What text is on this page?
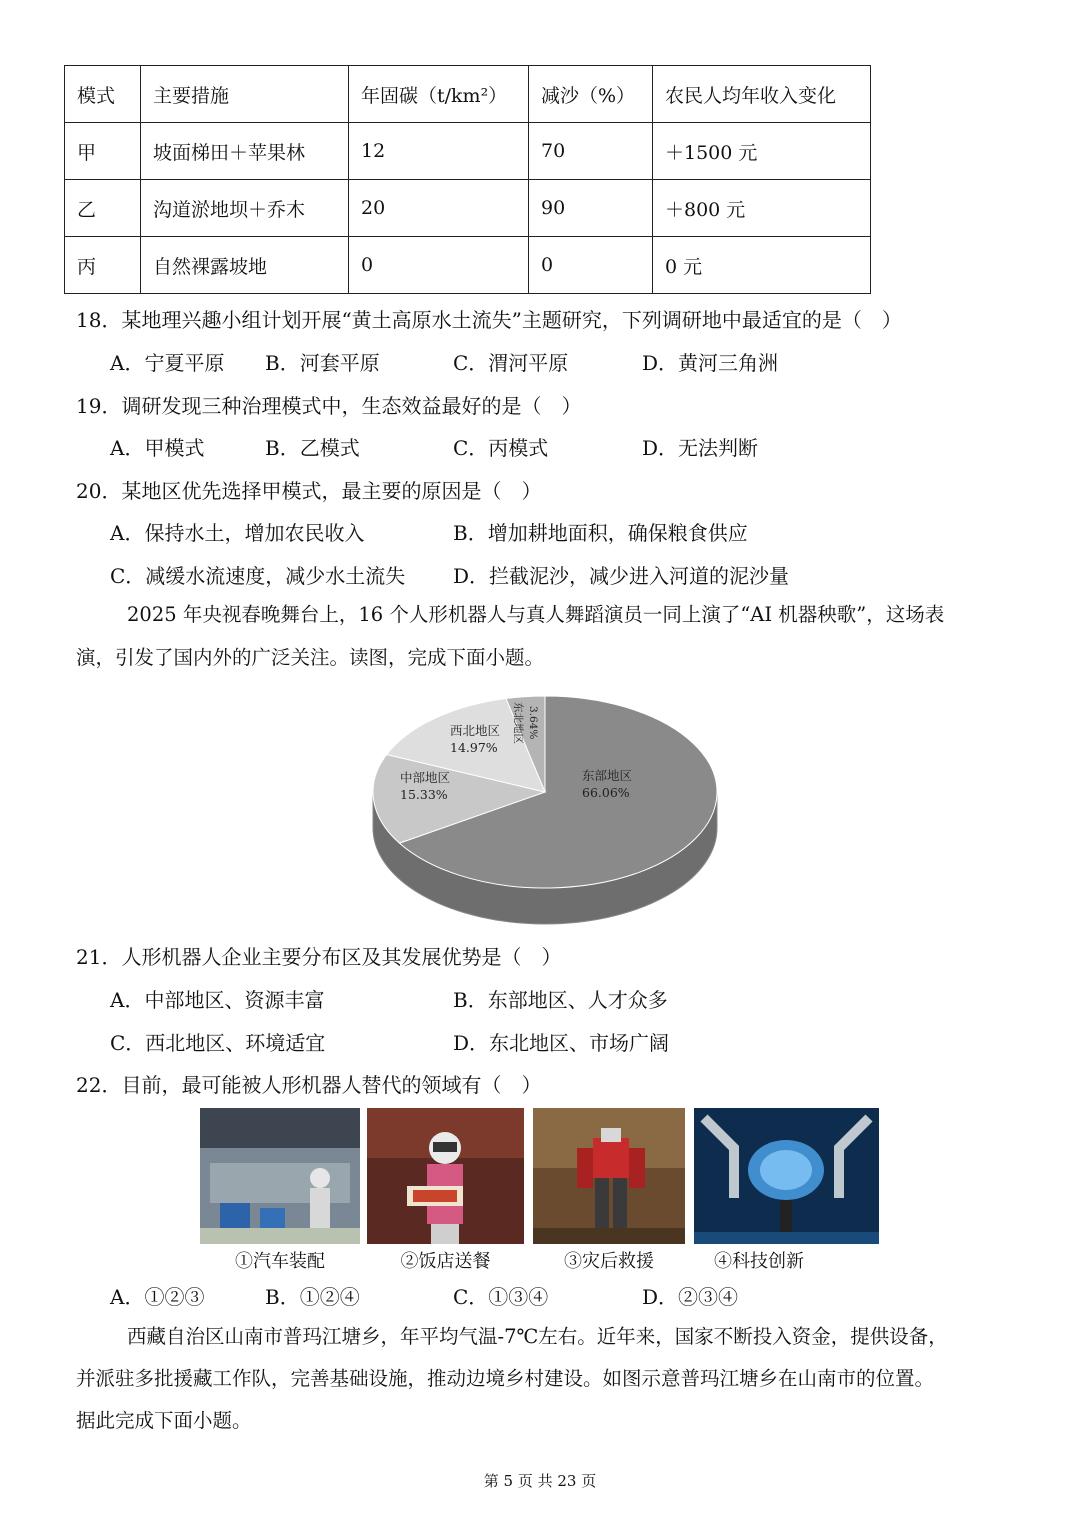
模式	主要措施	年固碳（t/km²）	减沙（%）	农民人均年收入变化
甲	坡面梯田＋苹果林	12	70	＋1500 元
乙	沟道淤地坝＋乔木	20	90	＋800 元
丙	自然裸露坡地	0	0	0 元
18．某地理兴趣小组计划开展“黄土高原水土流失”主题研究，下列调研地中最适宜的是（　）
A．宁夏平原 B．河套平原	C．渭河平原	D．黄河三角洲
19．调研发现三种治理模式中，生态效益最好的是（　）
A．甲模式	B．乙模式	C．丙模式	D．无法判断
20．某地区优先选择甲模式，最主要的原因是（　）
A．保持水土，增加农民收入	B．增加耕地面积，确保粮食供应
C．减缓水流速度，减少水土流失 D．拦截泥沙，减少进入河道的泥沙量
2025 年央视春晚舞台上，16 个人形机器人与真人舞蹈演员一同上演了“AI 机器秧歌”，这场表
演，引发了国内外的广泛关注。读图，完成下面小题。
东部地区
66.06%
中部地区
15.33%
西北地区
14.97%
东北地区 3.64%
21．人形机器人企业主要分布区及其发展优势是（　）
A．中部地区、资源丰富	B．东部地区、人才众多
C．西北地区、环境适宜	D．东北地区、市场广阔
22．目前，最可能被人形机器人替代的领域有（　）
①汽车装配	②饭店送餐	③灾后救援	④科技创新
A．①②③	B．①②④	C．①③④	D．②③④
西藏自治区山南市普玛江塘乡，年平均气温-7℃左右。近年来，国家不断投入资金，提供设备，
并派驻多批援藏工作队，完善基础设施，推动边境乡村建设。如图示意普玛江塘乡在山南市的位置。
据此完成下面小题。
第 5 页 共 23 页
